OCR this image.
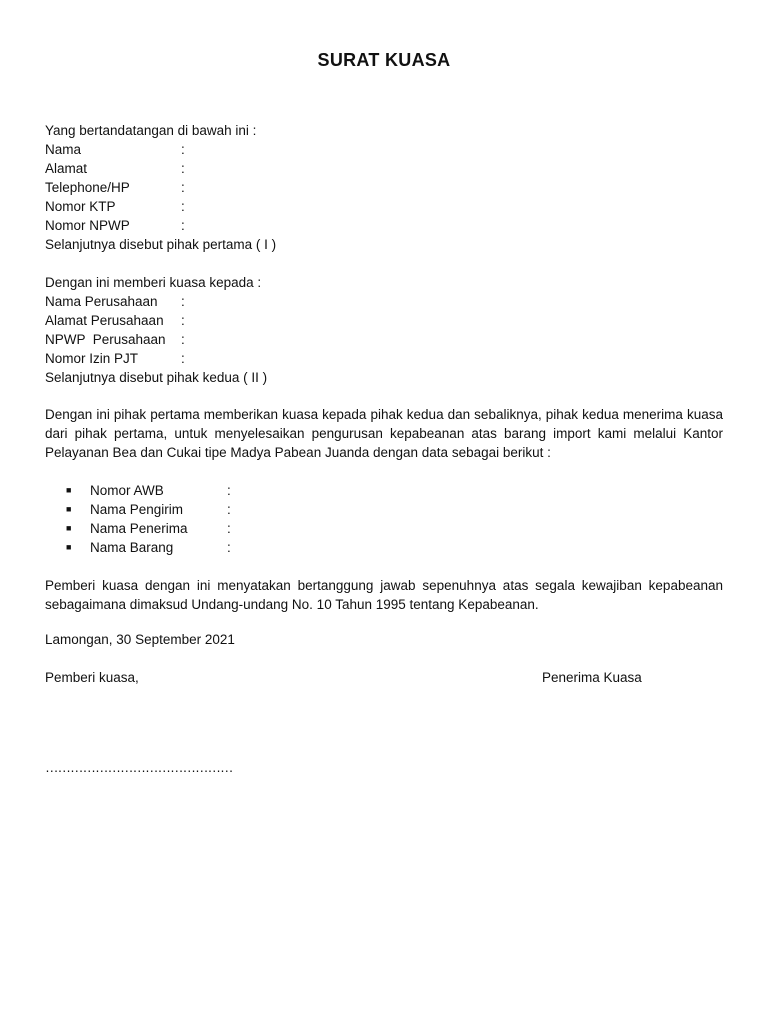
SURAT KUASA
Yang bertandatangan di bawah ini :
Nama	:
Alamat	:
Telephone/HP	:
Nomor KTP	:
Nomor NPWP	:
Selanjutnya disebut pihak pertama ( I )
Dengan ini memberi kuasa kepada :
Nama Perusahaan	:
Alamat Perusahaan	:
NPWP  Perusahaan	:
Nomor Izin PJT	:
Selanjutnya disebut pihak kedua ( II )
Dengan ini pihak pertama memberikan kuasa kepada pihak kedua dan sebaliknya, pihak kedua menerima kuasa dari pihak pertama, untuk menyelesaikan pengurusan kepabeanan atas barang import kami melalui Kantor Pelayanan Bea dan Cukai tipe Madya Pabean Juanda dengan data sebagai berikut :
■	Nomor AWB	:
■	Nama Pengirim	:
■	Nama Penerima	:
■	Nama Barang	:
Pemberi kuasa dengan ini menyatakan bertanggung jawab sepenuhnya atas segala kewajiban kepabeanan sebagaimana dimaksud Undang-undang No. 10 Tahun 1995 tentang Kepabeanan.
Lamongan, 30 September 2021
Pemberi kuasa,	Penerima Kuasa
………………………………………
